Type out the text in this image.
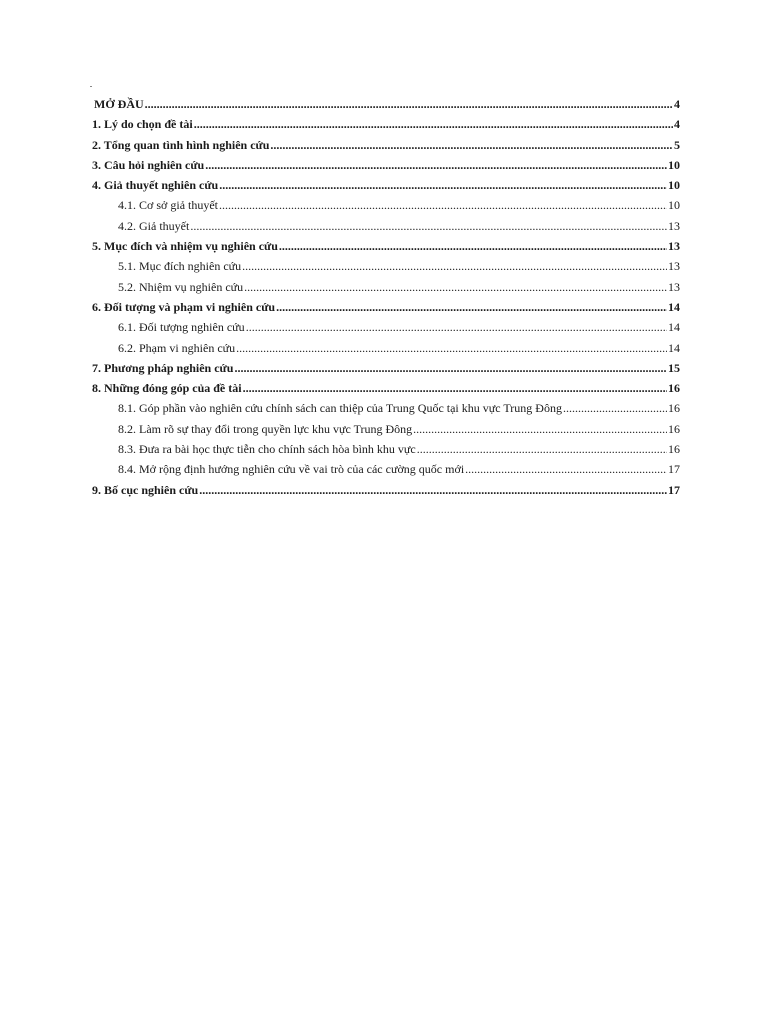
MỞ ĐẦU .....	4
1. Lý do chọn đề tài .....	4
2. Tổng quan tình hình nghiên cứu .....	5
3. Câu hỏi nghiên cứu .....	10
4. Giả thuyết nghiên cứu .....	10
4.1. Cơ sở giả thuyết .....	10
4.2. Giả thuyết .....	13
5. Mục đích và nhiệm vụ nghiên cứu .....	13
5.1. Mục đích nghiên cứu .....	13
5.2. Nhiệm vụ nghiên cứu .....	13
6. Đối tượng và phạm vi nghiên cứu .....	14
6.1. Đối tượng nghiên cứu .....	14
6.2. Phạm vi nghiên cứu .....	14
7. Phương pháp nghiên cứu .....	15
8. Những đóng góp của đề tài .....	16
8.1. Góp phần vào nghiên cứu chính sách can thiệp của Trung Quốc tại khu vực Trung Đông .....	16
8.2. Làm rõ sự thay đổi trong quyền lực khu vực Trung Đông .....	16
8.3. Đưa ra bài học thực tiễn cho chính sách hòa bình khu vực .....	16
8.4. Mở rộng định hướng nghiên cứu về vai trò của các cường quốc mới .....	17
9. Bố cục nghiên cứu .....	17
